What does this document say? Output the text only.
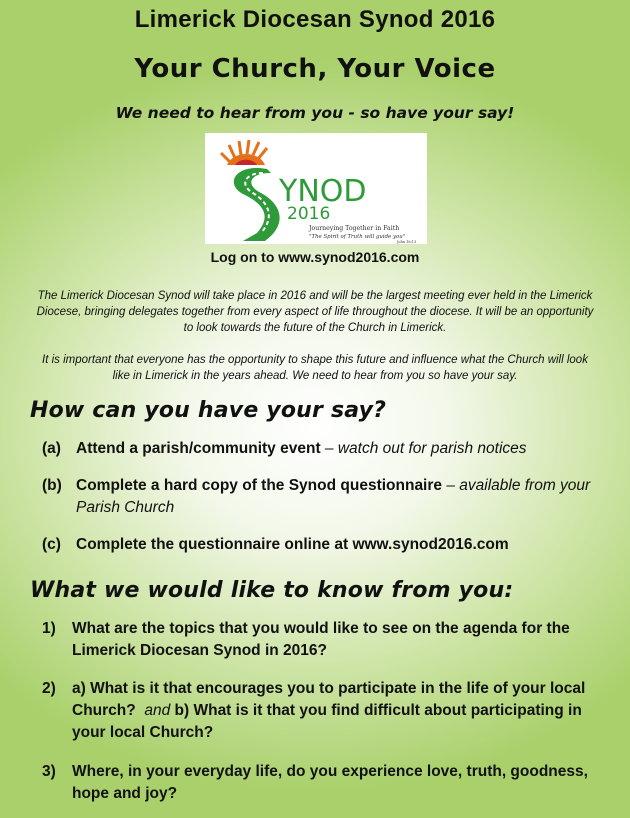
Limerick Diocesan Synod 2016
Your Church, Your Voice
We need to hear from you - so have your say!
YNOD
2016
Journeying Together in Faith
"The Spirit of Truth will guide you"
John 16:13
Log on to www.synod2016.com
The Limerick Diocesan Synod will take place in 2016 and will be the largest meeting ever held in the Limerick Diocese, bringing delegates together from every aspect of life throughout the diocese. It will be an opportunity to look towards the future of the Church in Limerick.
It is important that everyone has the opportunity to shape this future and influence what the Church will look like in Limerick in the years ahead. We need to hear from you so have your say.
How can you have your say?
(a) Attend a parish/community event – watch out for parish notices
(b) Complete a hard copy of the Synod questionnaire – available from your Parish Church
(c) Complete the questionnaire online at www.synod2016.com
What we would like to know from you:
1) What are the topics that you would like to see on the agenda for the Limerick Diocesan Synod in 2016?
2) a) What is it that encourages you to participate in the life of your local Church? and b) What is it that you find difficult about participating in your local Church?
3) Where, in your everyday life, do you experience love, truth, goodness, hope and joy?
